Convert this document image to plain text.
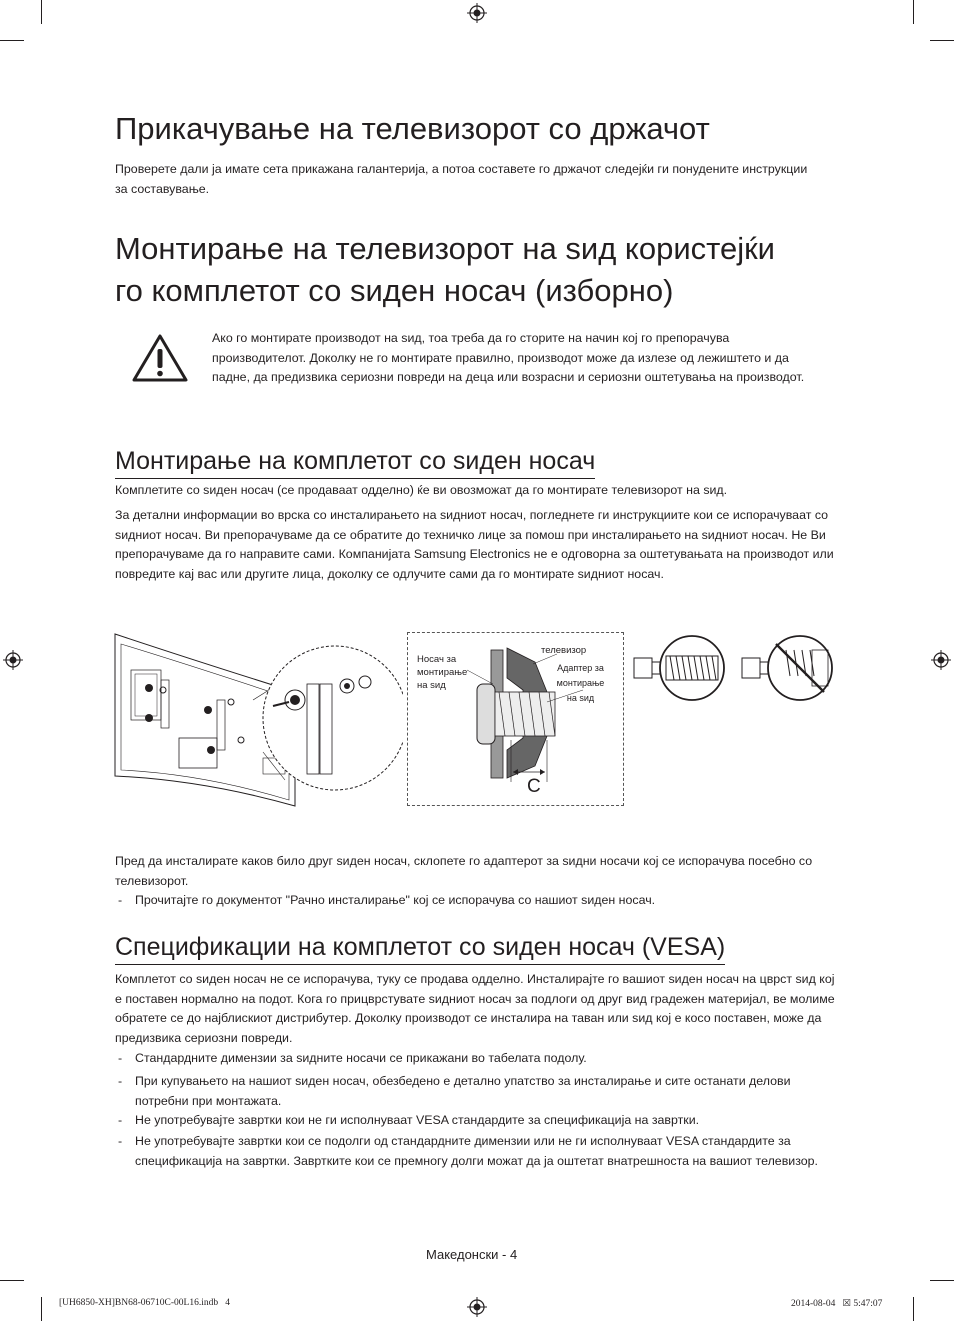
Прикачување на телевизорот со држачот

Проверете дали ја имате сета прикажана галантерија, а потоа составете го држачот следејќи ги понудените инструкции за составување.

Монтирање на телевизорот на ѕид користејќи
го комплетот со ѕиден носач (изборно)

Ако го монтирате производот на ѕид, тоа треба да го сторите на начин кој го препорачува производителот. Доколку не го монтирате правилно, производот може да излезе од лежиштето и да падне, да предизвика сериозни повреди на деца или возрасни и сериозни оштетувања на производот.

Монтирање на комплетот со ѕиден носач

Комплетите со ѕиден носач (се продаваат одделно) ќе ви овозможат да го монтирате телевизорот на ѕид.

За детални информации во врска со инсталирањето на ѕидниот носач, погледнете ги инструкциите кои се испорачуваат со ѕидниот носач. Ви препорачуваме да се обратите до техничко лице за помош при инсталирањето на ѕидниот носач. Не Ви препорачуваме да го направите сами. Компанијата Samsung Electronics не е одговорна за оштетувањата на производот или повредите кај вас или другите лица, доколку се одлучите сами да го монтирате ѕидниот носач.

Носач за монтирање на ѕид
телевизор
Адаптер за монтирање на ѕид
C

Пред да инсталирате каков било друг ѕиден носач, склопете го адаптерот за ѕидни носачи кој се испорачува посебно со телевизорот.

- Прочитајте го документот "Рачно инсталирање" кој се испорачува со нашиот ѕиден носач.
Спецификации на комплетот со ѕиден носач (VESA)

Комплетот со ѕиден носач не се испорачува, туку се продава одделно. Инсталирајте го вашиот ѕиден носач на цврст ѕид кој е поставен нормално на подот. Кога го прицврстувате ѕидниот носач за подлоги од друг вид градежен материјал, ве молиме обратете се до најблискиот дистрибутер. Доколку производот се инсталира на таван или ѕид кој е косо поставен, може да предизвика сериозни повреди.

- Стандардните димензии за ѕидните носачи се прикажани во табелата подолу.
- При купувањето на нашиот ѕиден носач, обезбедено е детално упатство за инсталирање и сите останати делови потребни при монтажата.
- Не употребувајте завртки кои не ги исполнуваат VESA стандардите за спецификација на завртки.
- Не употребувајте завртки кои се подолги од стандардните димензии или не ги исполнуваат VESA стандардите за спецификација на завртки. Завртките кои се премногу долги можат да ја оштетат внатрешноста на вашиот телевизор.
Македонски - 4
[UH6850-XH]BN68-06710C-00L16.indb   4	2014-08-04   ☒ 5:47:07
